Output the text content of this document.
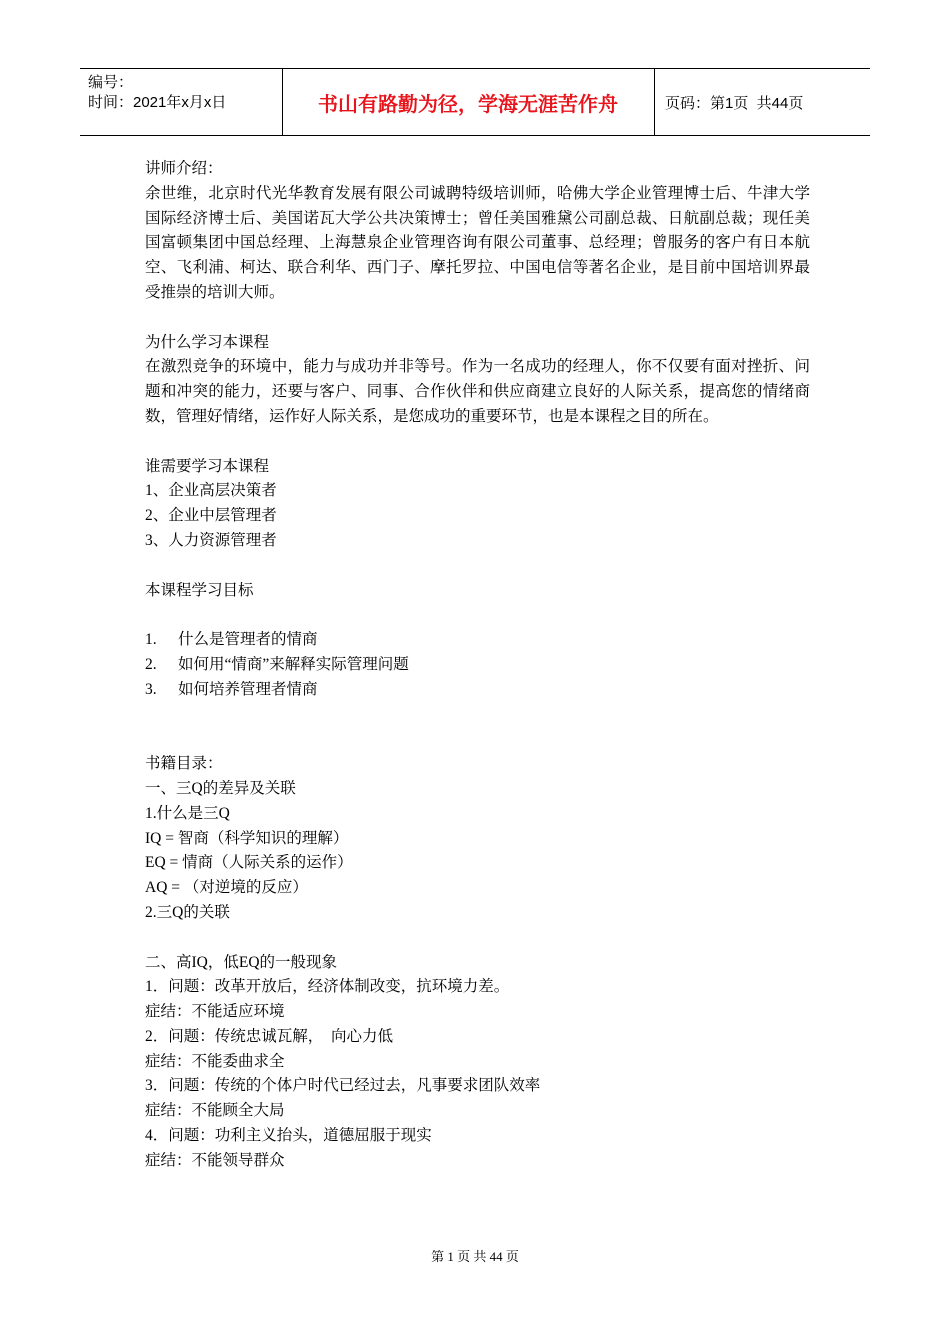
编号：
时间：2021年x月x日	书山有路勤为径，学海无涯苦作舟	页码：第1页  共44页
讲师介绍：
余世维，北京时代光华教育发展有限公司诚聘特级培训师，哈佛大学企业管理博士后、牛津大学国际经济博士后、美国诺瓦大学公共决策博士；曾任美国雅黛公司副总裁、日航副总裁；现任美国富顿集团中国总经理、上海慧泉企业管理咨询有限公司董事、总经理；曾服务的客户有日本航空、飞利浦、柯达、联合利华、西门子、摩托罗拉、中国电信等著名企业，是目前中国培训界最受推崇的培训大师。
为什么学习本课程
在激烈竞争的环境中，能力与成功并非等号。作为一名成功的经理人，你不仅要有面对挫折、问题和冲突的能力，还要与客户、同事、合作伙伴和供应商建立良好的人际关系，提高您的情绪商数，管理好情绪，运作好人际关系，是您成功的重要环节，也是本课程之目的所在。
谁需要学习本课程
1、企业高层决策者
2、企业中层管理者
3、人力资源管理者
本课程学习目标
1. 什么是管理者的情商
2. 如何用“情商”来解释实际管理问题
3. 如何培养管理者情商
书籍目录：
一、三Q的差异及关联
1.什么是三Q
IQ = 智商（科学知识的理解）
EQ = 情商（人际关系的运作）
AQ = （对逆境的反应）
2.三Q的关联
二、高IQ，低EQ的一般现象
1．问题：改革开放后，经济体制改变，抗环境力差。
症结：不能适应环境
2．问题：传统忠诚瓦解，  向心力低
症结：不能委曲求全
3．问题：传统的个体户时代已经过去，凡事要求团队效率
症结：不能顾全大局
4．问题：功利主义抬头，道德屈服于现实
症结：不能领导群众
第 1 页 共 44 页
